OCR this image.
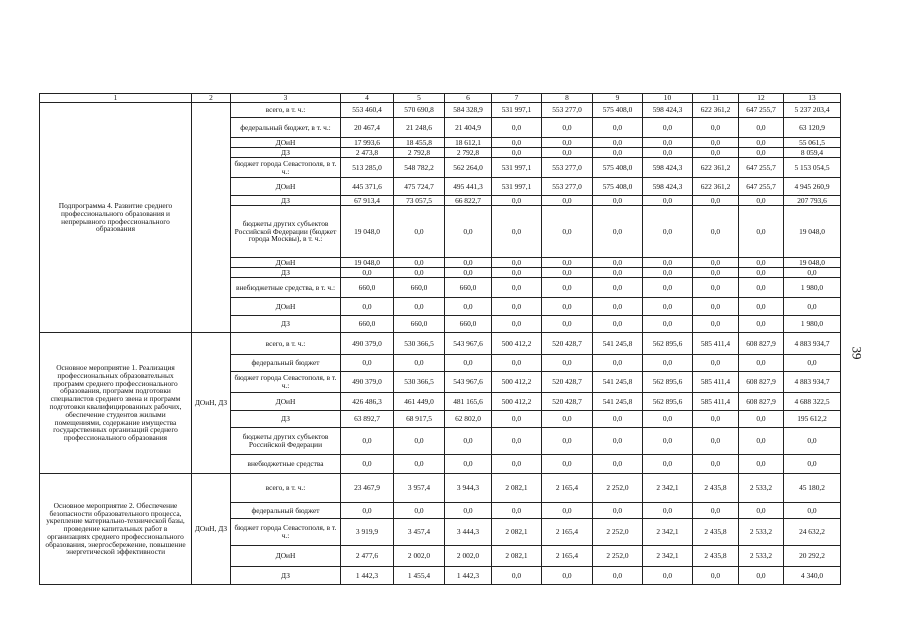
1	2	3	4	5	6	7	8	9	10	11	12	13
Подпрограмма 4. Развитие среднего профессионального образования и непрерывного профессионального образования		всего, в т. ч.:	553 460,4	570 690,8	584 328,9	531 997,1	553 277,0	575 408,0	598 424,3	622 361,2	647 255,7	5 237 203,4
		федеральный бюджет, в т. ч.:	20 467,4	21 248,6	21 404,9	0,0	0,0	0,0	0,0	0,0	0,0	63 120,9
		ДОиН	17 993,6	18 455,8	18 612,1	0,0	0,0	0,0	0,0	0,0	0,0	55 061,5
		ДЗ	2 473,8	2 792,8	2 792,8	0,0	0,0	0,0	0,0	0,0	0,0	8 059,4
		бюджет города Севастополя, в т. ч.:	513 285,0	548 782,2	562 264,0	531 997,1	553 277,0	575 408,0	598 424,3	622 361,2	647 255,7	5 153 054,5
		ДОиН	445 371,6	475 724,7	495 441,3	531 997,1	553 277,0	575 408,0	598 424,3	622 361,2	647 255,7	4 945 260,9
		ДЗ	67 913,4	73 057,5	66 822,7	0,0	0,0	0,0	0,0	0,0	0,0	207 793,6
		бюджеты других субъектов Российской Федерации (бюджет города Москвы), в т. ч.:	19 048,0	0,0	0,0	0,0	0,0	0,0	0,0	0,0	0,0	19 048,0
		ДОиН	19 048,0	0,0	0,0	0,0	0,0	0,0	0,0	0,0	0,0	19 048,0
		ДЗ	0,0	0,0	0,0	0,0	0,0	0,0	0,0	0,0	0,0	0,0
		внебюджетные средства, в т. ч.:	660,0	660,0	660,0	0,0	0,0	0,0	0,0	0,0	0,0	1 980,0
		ДОиН	0,0	0,0	0,0	0,0	0,0	0,0	0,0	0,0	0,0	0,0
		ДЗ	660,0	660,0	660,0	0,0	0,0	0,0	0,0	0,0	0,0	1 980,0
Основное мероприятие 1. Реализация профессиональных образовательных программ среднего профессионального образования, программ подготовки специалистов среднего звена и программ подготовки квалифицированных рабочих, обеспечение студентов жилыми помещениями, содержание имущества государственных организаций среднего профессионального образования	ДОиН, ДЗ	всего, в т. ч.:	490 379,0	530 366,5	543 967,6	500 412,2	520 428,7	541 245,8	562 895,6	585 411,4	608 827,9	4 883 934,7
		федеральный бюджет	0,0	0,0	0,0	0,0	0,0	0,0	0,0	0,0	0,0	0,0
		бюджет города Севастополя, в т. ч.:	490 379,0	530 366,5	543 967,6	500 412,2	520 428,7	541 245,8	562 895,6	585 411,4	608 827,9	4 883 934,7
		ДОиН	426 486,3	461 449,0	481 165,6	500 412,2	520 428,7	541 245,8	562 895,6	585 411,4	608 827,9	4 688 322,5
		ДЗ	63 892,7	68 917,5	62 802,0	0,0	0,0	0,0	0,0	0,0	0,0	195 612,2
		бюджеты других субъектов Российской Федерации	0,0	0,0	0,0	0,0	0,0	0,0	0,0	0,0	0,0	0,0
		внебюджетные средства	0,0	0,0	0,0	0,0	0,0	0,0	0,0	0,0	0,0	0,0
Основное мероприятие 2. Обеспечение безопасности образовательного процесса, укрепление материально-технической базы, проведение капитальных работ в организациях среднего профессионального образования, энергосбережение, повышение энергетической эффективности	ДОиН, ДЗ	всего, в т. ч.:	23 467,9	3 957,4	3 944,3	2 082,1	2 165,4	2 252,0	2 342,1	2 435,8	2 533,2	45 180,2
		федеральный бюджет	0,0	0,0	0,0	0,0	0,0	0,0	0,0	0,0	0,0	0,0
		бюджет города Севастополя, в т. ч.:	3 919,9	3 457,4	3 444,3	2 082,1	2 165,4	2 252,0	2 342,1	2 435,8	2 533,2	24 632,2
		ДОиН	2 477,6	2 002,0	2 002,0	2 082,1	2 165,4	2 252,0	2 342,1	2 435,8	2 533,2	20 292,2
		ДЗ	1 442,3	1 455,4	1 442,3	0,0	0,0	0,0	0,0	0,0	0,0	4 340,0
39
